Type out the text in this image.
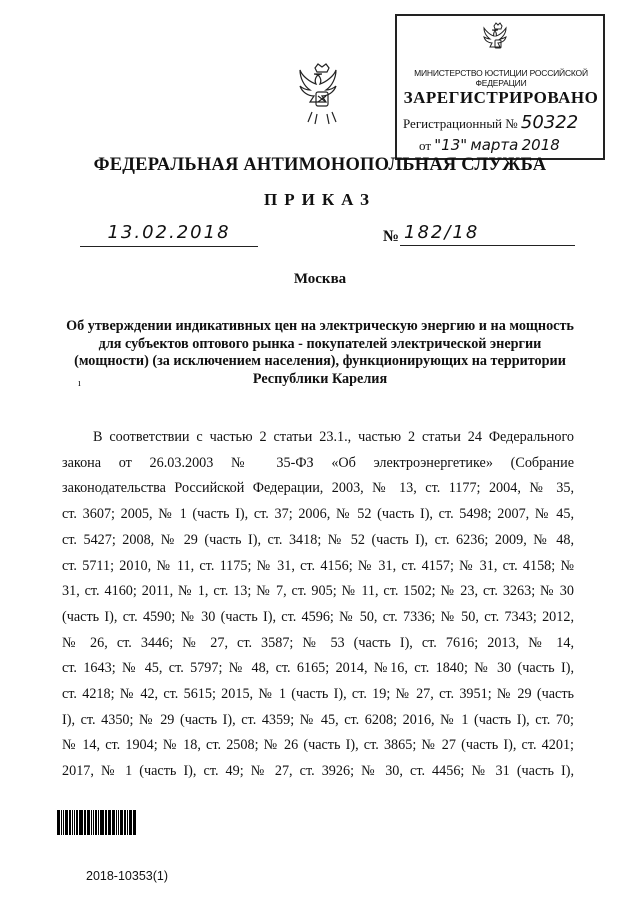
МИНИСТЕРСТВО ЮСТИЦИИ РОССИЙСКОЙ ФЕДЕРАЦИИ
ЗАРЕГИСТРИРОВАНО
Регистрационный № 50322
от "13" марта 2018
ФЕДЕРАЛЬНАЯ АНТИМОНОПОЛЬНАЯ СЛУЖБА
ПРИКАЗ
13.02.2018	№ 182/18
Москва
Об утверждении индикативных цен на электрическую энергию и на мощность для субъектов оптового рынка - покупателей электрической энергии (мощности) (за исключением населения), функционирующих на территории Республики Карелия
ı

В соответствии с частью 2 статьи 23.1., частью 2 статьи 24 Федерального

закона от 26.03.2003 № 35-ФЗ «Об электроэнергетике» (Собрание
законодательства Российской Федерации, 2003, № 13, ст. 1177; 2004, № 35,
ст. 3607; 2005, № 1 (часть I), ст. 37; 2006, № 52 (часть I), ст. 5498; 2007, № 45,
ст. 5427; 2008, № 29 (часть I), ст. 3418; № 52 (часть I), ст. 6236; 2009, № 48,
ст. 5711; 2010, № 11, ст. 1175; № 31, ст. 4156; № 31, ст. 4157; № 31, ст. 4158; №
31, ст. 4160; 2011, № 1, ст. 13; № 7, ст. 905; № 11, ст. 1502; № 23, ст. 3263; № 30
(часть I), ст. 4590; № 30 (часть I), ст. 4596; № 50, ст. 7336; № 50, ст. 7343; 2012,
№ 26, ст. 3446; № 27, ст. 3587; № 53 (часть I), ст. 7616; 2013, № 14,
ст. 1643; № 45, ст. 5797; № 48, ст. 6165; 2014, №16, ст. 1840; № 30 (часть I),
ст. 4218; № 42, ст. 5615; 2015, № 1 (часть I), ст. 19; № 27, ст. 3951; № 29 (часть
I), ст. 4350; № 29 (часть I), ст. 4359; № 45, ст. 6208; 2016, № 1 (часть I), ст. 70;
№ 14, ст. 1904; № 18, ст. 2508; № 26 (часть I), ст. 3865; № 27 (часть I), ст. 4201;
2017, № 1 (часть I), ст. 49; № 27, ст. 3926; № 30, ст. 4456; № 31 (часть I),
2018-10353(1)
